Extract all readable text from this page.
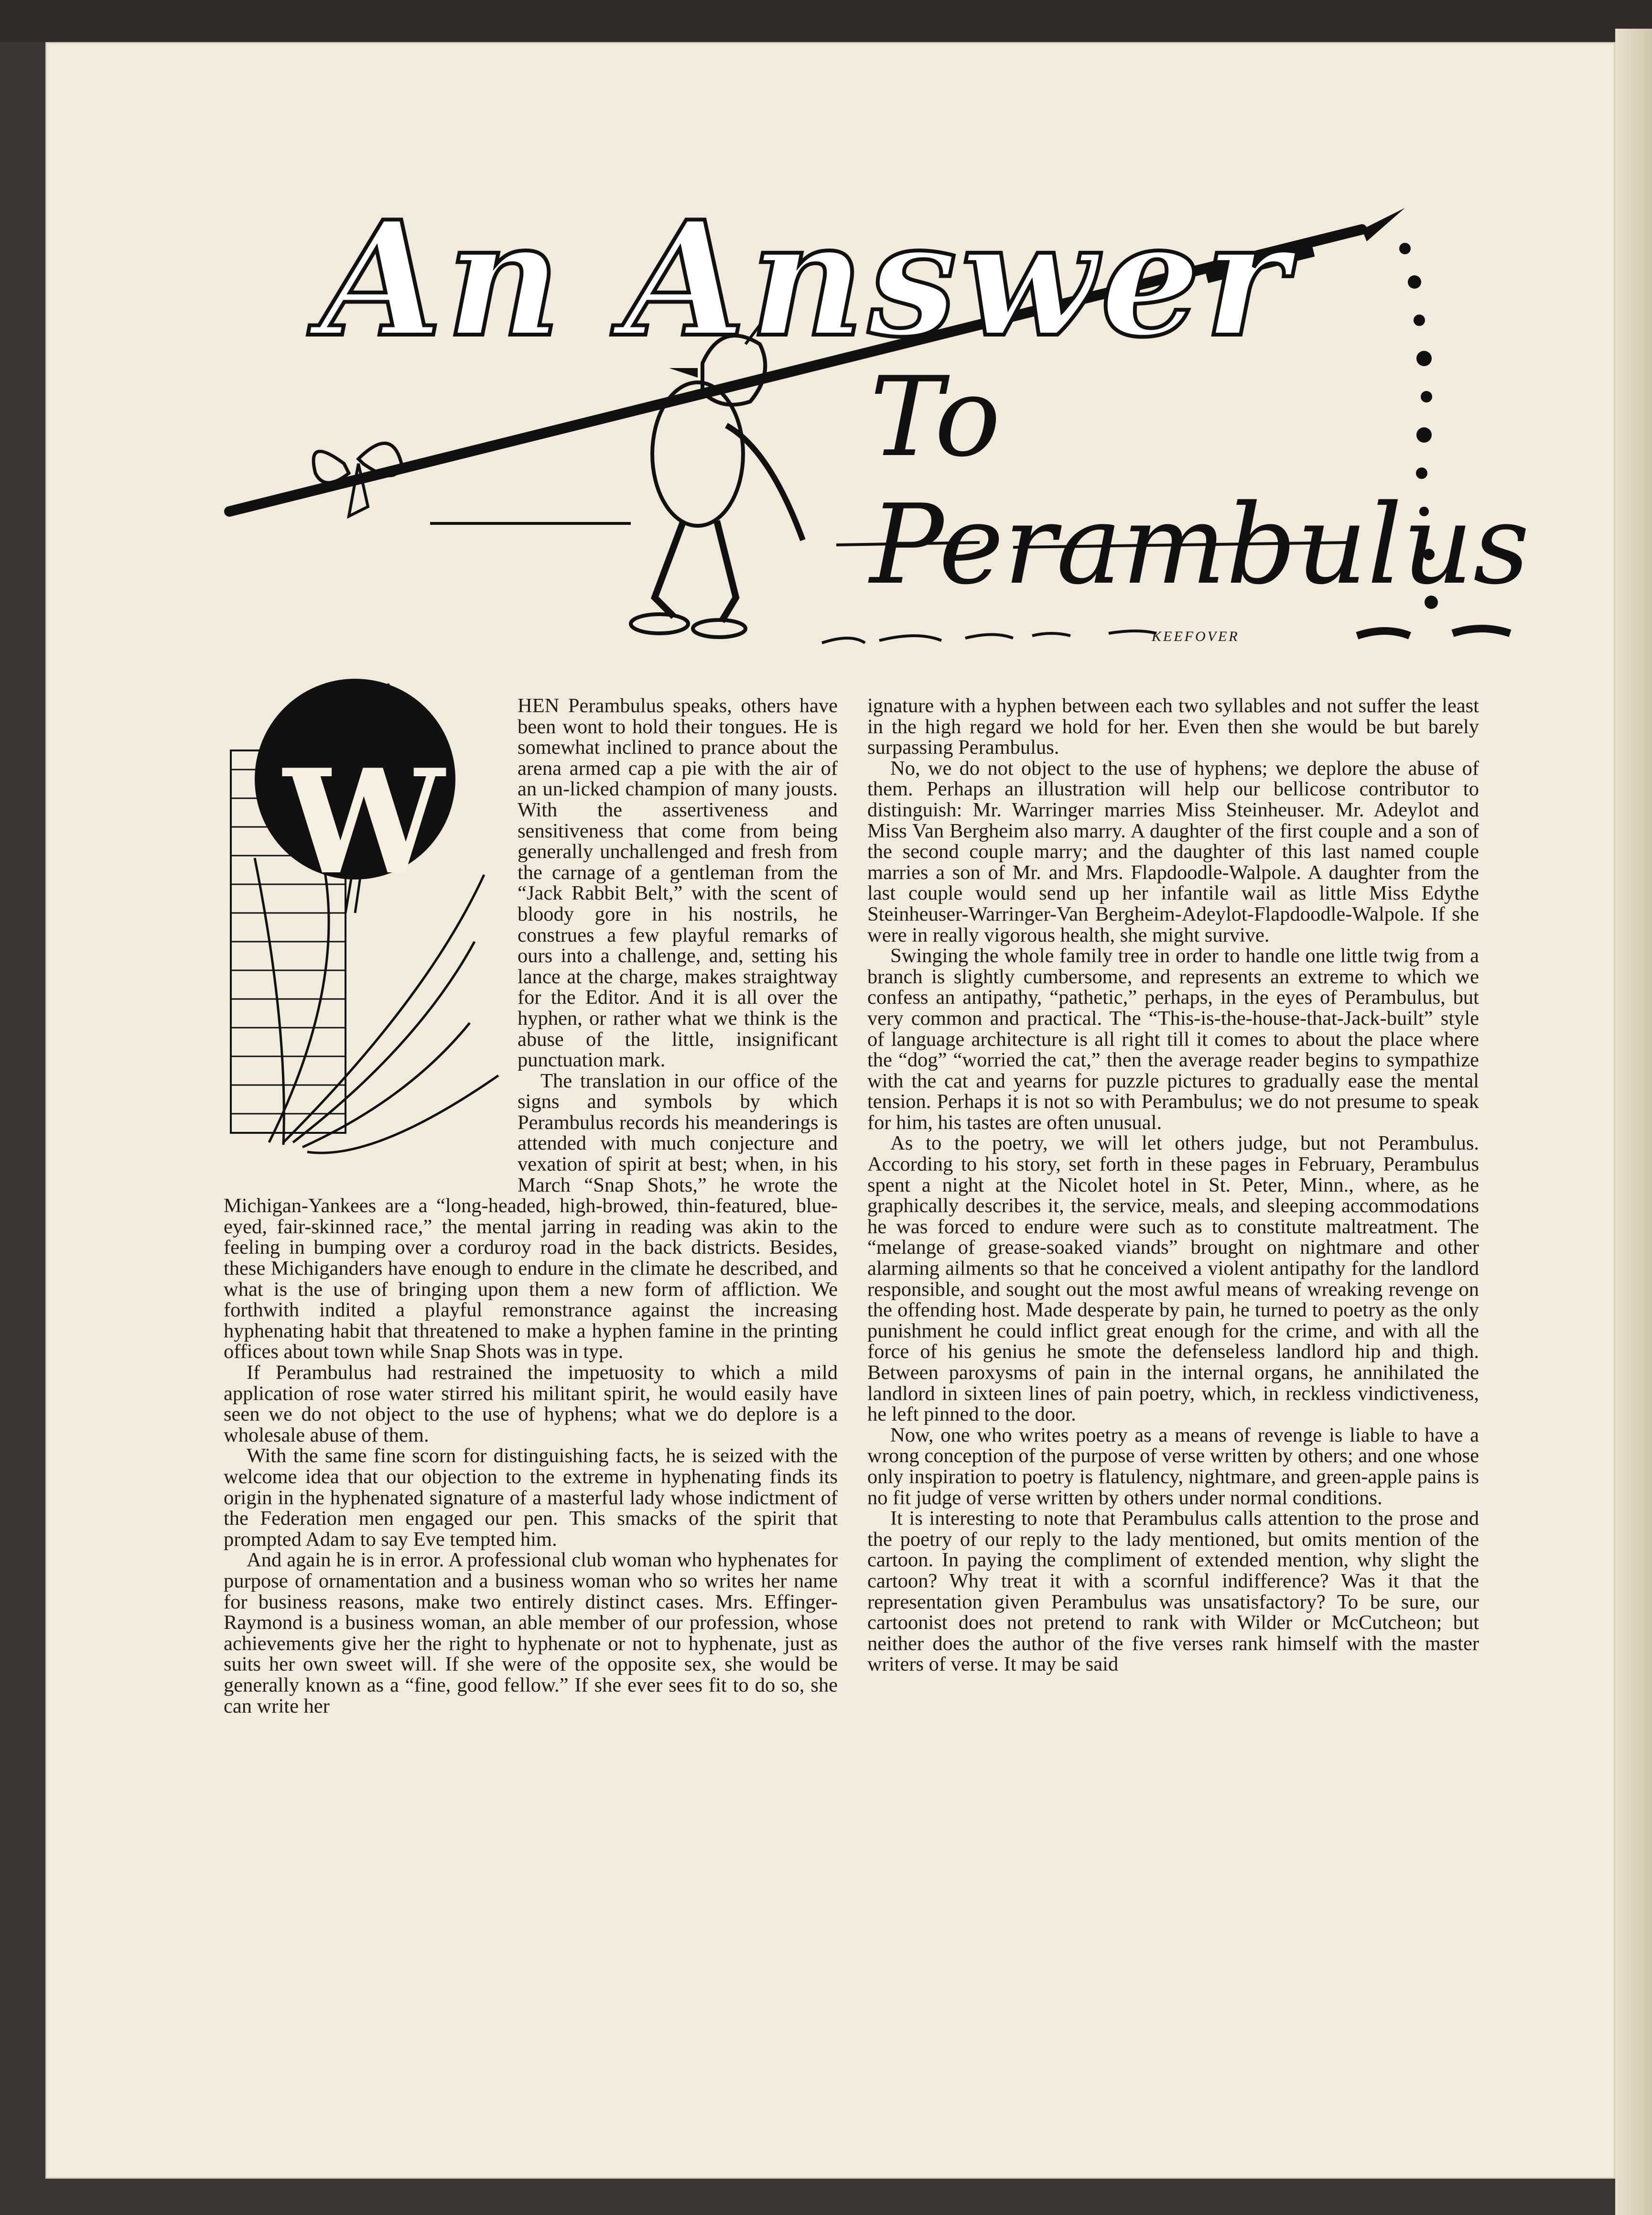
An Answer
To Perambulus
KEEFOVER
W

HEN Perambulus speaks, others have been wont to hold their tongues. He is somewhat inclined to prance about the arena armed cap a pie with the air of an un-licked champion of many jousts. With the assertiveness and sensitiveness that come from being generally unchallenged and fresh from the carnage of a gentleman from the “Jack Rabbit Belt,” with the scent of bloody gore in his nostrils, he construes a few playful remarks of ours into a challenge, and, setting his lance at the charge, makes straightway for the Editor. And it is all over the hyphen, or rather what we think is the abuse of the little, insignificant punctuation mark.

The translation in our office of the signs and symbols by which Perambulus records his meanderings is attended with much conjecture and vexation of spirit at best; when, in his March “Snap Shots,” he wrote the Michigan-Yankees are a “long-headed, high-browed, thin-featured, blue-eyed, fair-skinned race,” the mental jarring in reading was akin to the feeling in bumping over a corduroy road in the back districts. Besides, these Michiganders have enough to endure in the climate he described, and what is the use of bringing upon them a new form of affliction. We forthwith indited a playful remonstrance against the increasing hyphenating habit that threatened to make a hyphen famine in the printing offices about town while Snap Shots was in type.

If Perambulus had restrained the impetuosity to which a mild application of rose water stirred his militant spirit, he would easily have seen we do not object to the use of hyphens; what we do deplore is a wholesale abuse of them.

With the same fine scorn for distinguishing facts, he is seized with the welcome idea that our objection to the extreme in hyphenating finds its origin in the hyphenated signature of a masterful lady whose indictment of the Federation men engaged our pen. This smacks of the spirit that prompted Adam to say Eve tempted him.

And again he is in error. A professional club woman who hyphenates for purpose of ornamentation and a business woman who so writes her name for business reasons, make two entirely distinct cases. Mrs. Effinger-Raymond is a business woman, an able member of our profession, whose achievements give her the right to hyphenate or not to hyphenate, just as suits her own sweet will. If she were of the opposite sex, she would be generally known as a “fine, good fellow.” If she ever sees fit to do so, she can write her

ignature with a hyphen between each two syllables and not suffer the least in the high regard we hold for her. Even then she would be but barely surpassing Perambulus.

No, we do not object to the use of hyphens; we deplore the abuse of them. Perhaps an illustration will help our bellicose contributor to distinguish: Mr. Warringer marries Miss Steinheuser. Mr. Adeylot and Miss Van Bergheim also marry. A daughter of the first couple and a son of the second couple marry; and the daughter of this last named couple marries a son of Mr. and Mrs. Flapdoodle-Walpole. A daughter from the last couple would send up her infantile wail as little Miss Edythe Steinheuser-Warringer-Van Bergheim-Adeylot-Flapdoodle-Walpole. If she were in really vigorous health, she might survive.

Swinging the whole family tree in order to handle one little twig from a branch is slightly cumbersome, and represents an extreme to which we confess an antipathy, “pathetic,” perhaps, in the eyes of Perambulus, but very common and practical. The “This-is-the-house-that-Jack-built” style of language architecture is all right till it comes to about the place where the “dog” “worried the cat,” then the average reader begins to sympathize with the cat and yearns for puzzle pictures to gradually ease the mental tension. Perhaps it is not so with Perambulus; we do not presume to speak for him, his tastes are often unusual.

As to the poetry, we will let others judge, but not Perambulus. According to his story, set forth in these pages in February, Perambulus spent a night at the Nicolet hotel in St. Peter, Minn., where, as he graphically describes it, the service, meals, and sleeping accommodations he was forced to endure were such as to constitute maltreatment. The “melange of grease-soaked viands” brought on nightmare and other alarming ailments so that he conceived a violent antipathy for the landlord responsible, and sought out the most awful means of wreaking revenge on the offending host. Made desperate by pain, he turned to poetry as the only punishment he could inflict great enough for the crime, and with all the force of his genius he smote the defenseless landlord hip and thigh. Between paroxysms of pain in the internal organs, he annihilated the landlord in sixteen lines of pain poetry, which, in reckless vindictiveness, he left pinned to the door.

Now, one who writes poetry as a means of revenge is liable to have a wrong conception of the purpose of verse written by others; and one whose only inspiration to poetry is flatulency, nightmare, and green-apple pains is no fit judge of verse written by others under normal conditions.

It is interesting to note that Perambulus calls attention to the prose and the poetry of our reply to the lady mentioned, but omits mention of the cartoon. In paying the compliment of extended mention, why slight the cartoon? Why treat it with a scornful indifference? Was it that the representation given Perambulus was unsatisfactory? To be sure, our cartoonist does not pretend to rank with Wilder or McCutcheon; but neither does the author of the five verses rank himself with the master writers of verse. It may be said
